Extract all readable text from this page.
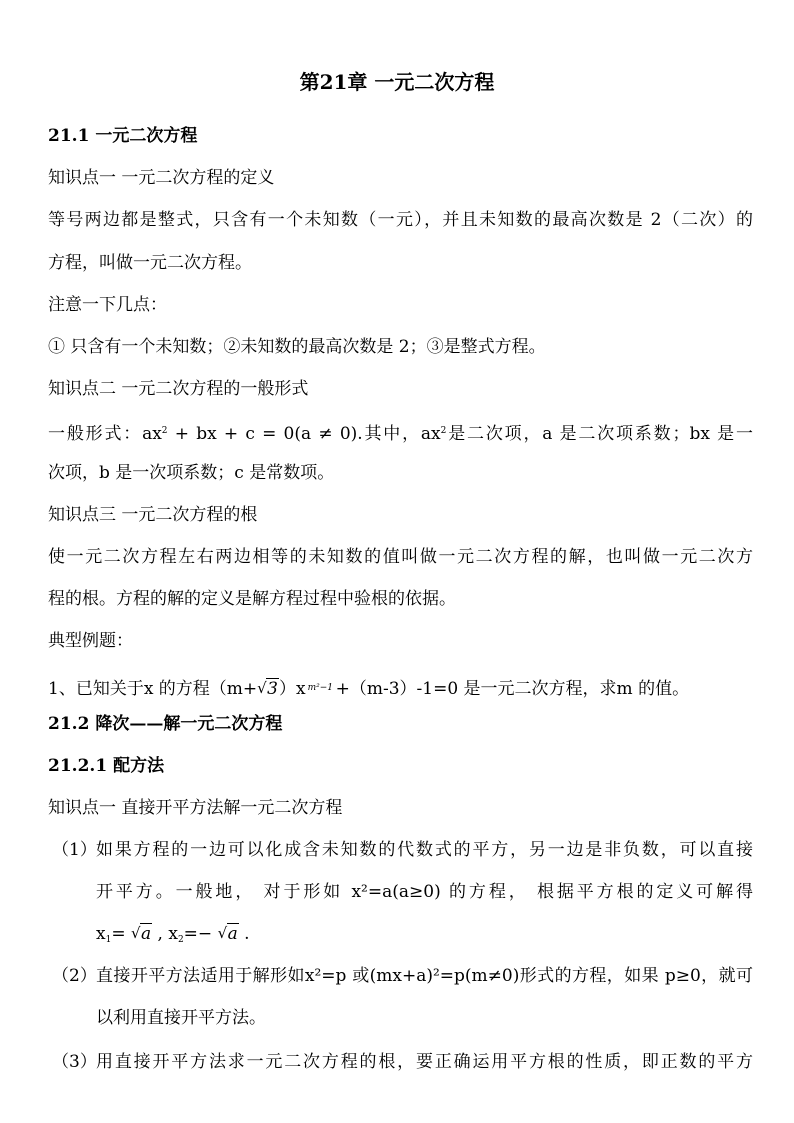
第21章 一元二次方程
21.1 一元二次方程
知识点一 一元二次方程的定义
等号两边都是整式，只含有一个未知数（一元），并且未知数的最高次数是 2（二次）的
方程，叫做一元二次方程。
注意一下几点：
① 只含有一个未知数；②未知数的最高次数是 2；③是整式方程。
知识点二 一元二次方程的一般形式
一般形式：$ax^2$ + bx + c = 0(a ≠ 0).其中，$ax^2$是二次项，a 是二次项系数；bx 是一
次项，b 是一次项系数；c 是常数项。
知识点三 一元二次方程的根
使一元二次方程左右两边相等的未知数的值叫做一元二次方程的解，也叫做一元二次方
程的根。方程的解的定义是解方程过程中验根的依据。
典型例题：
1、已知关于x 的方程（m+√ 3）x m²−1 +（m-3）-1=0 是一元二次方程，求m 的值。
21.2 降次——解一元二次方程
21.2.1 配方法
知识点一 直接开平方法解一元二次方程
（1） 如果方程的一边可以化成含未知数的代数式的平方，另一边是非负数，可以直接
开平方。一般地， 对于形如 x²=a(a≥0) 的方程， 根据平方根的定义可解得
$x_1=$ √ a , $x_2=-$ √ a .
（2） 直接开平方法适用于解形如x²=p 或(mx+a)²=p(m≠0)形式的方程，如果 p≥0，就可
以利用直接开平方法。
（3） 用直接开平方法求一元二次方程的根，要正确运用平方根的性质，即正数的平方
